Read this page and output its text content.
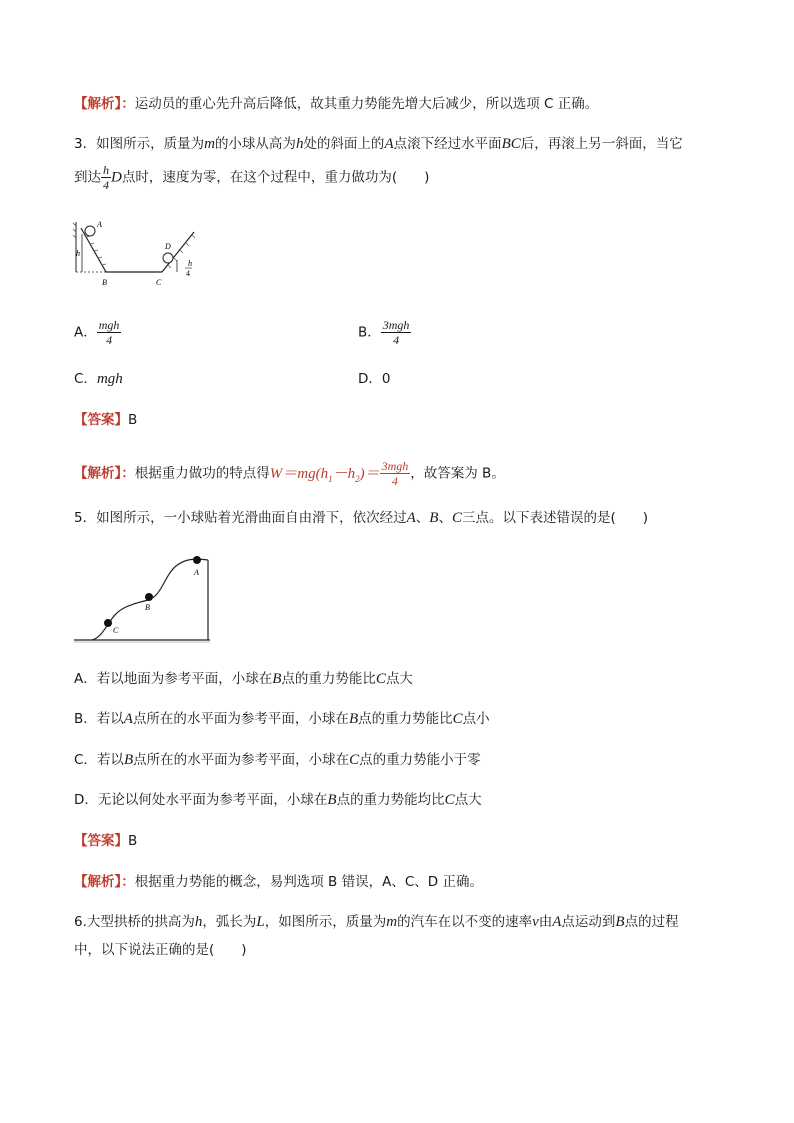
【解析】：运动员的重心先升高后降低，故其重力势能先增大后减少，所以选项 C 正确。
3．如图所示，质量为m的小球从高为h处的斜面上的A点滚下经过水平面BC后，再滚上另一斜面，当它
到达 $\frac{h}{4}$ D点时，速度为零，在这个过程中，重力做功为(　　)
A
h
B	C
D
h
4
A． $\frac{\text{mgh}}{4}$	B． $\frac{\text{3mgh}}{4}$
C．mgh	D．0
【答案】B
【解析】：根据重力做功的特点得$W=mg(h_1-h_2)= \frac{\text{3mgh}}{4}$ ，故答案为 B。
5．如图所示，一小球贴着光滑曲面自由滑下，依次经过A、B、C三点。以下表述错误的是(　　)
A
B
C
A．若以地面为参考平面，小球在B点的重力势能比C点大
B．若以A点所在的水平面为参考平面，小球在B点的重力势能比C点小
C．若以B点所在的水平面为参考平面，小球在C点的重力势能小于零
D．无论以何处水平面为参考平面，小球在B点的重力势能均比C点大
【答案】B
【解析】：根据重力势能的概念，易判选项 B 错误，A、C、D 正确。
6.大型拱桥的拱高为h，弧长为L，如图所示，质量为m的汽车在以不变的速率v由A点运动到B点的过程
中，以下说法正确的是(　　)
